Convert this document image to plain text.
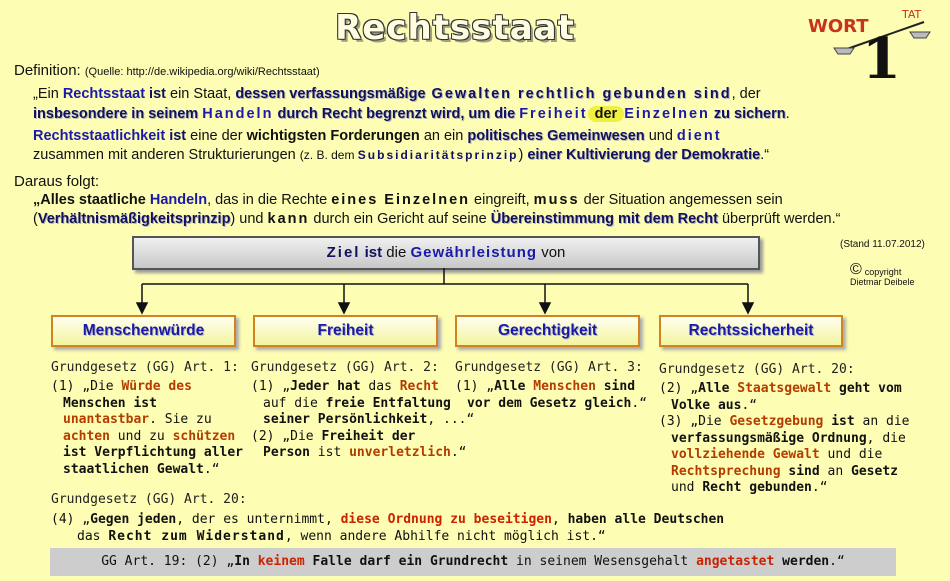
Rechtsstaat	TAT
WORT
1
Definition: (Quelle: http://de.wikipedia.org/wiki/Rechtsstaat)
„Ein Rechtsstaat ist ein Staat, dessen verfassungsmäßige Gewalten rechtlich gebunden sind, der
insbesondere in seinem Handeln durch Recht begrenzt wird, um die Freiheit der Einzelnen zu sichern.
Rechtsstaatlichkeit ist eine der wichtigsten Forderungen an ein politisches Gemeinwesen und dient
zusammen mit anderen Strukturierungen (z. B. dem Subsidiaritätsprinzip) einer Kultivierung der Demokratie.“
Daraus folgt:
„Alles staatliche Handeln, das in die Rechte eines Einzelnen eingreift, muss der Situation angemessen sein
(Verhältnismäßigkeitsprinzip) und kann durch ein Gericht auf seine Übereinstimmung mit dem Recht überprüft werden.“
(Stand 11.07.2012)
© copyright
Dietmar Deibele
Ziel ist die Gewährleistung von
Menschenwürde	Freiheit	Gerechtigkeit	Rechtssicherheit
Grundgesetz (GG) Art. 1:
(1) „Die Würde des
Menschen ist
unantastbar. Sie zu
achten und zu schützen
ist Verpflichtung aller
staatlichen Gewalt.“
Grundgesetz (GG) Art. 2:
(1) „Jeder hat das Recht
auf die freie Entfaltung
seiner Persönlichkeit, ...“
(2) „Die Freiheit der
Person ist unverletzlich.“
Grundgesetz (GG) Art. 3:
(1) „Alle Menschen sind
vor dem Gesetz gleich.“
Grundgesetz (GG) Art. 20:
(2) „Alle Staatsgewalt geht vom
Volke aus.“
(3) „Die Gesetzgebung ist an die
verfassungsmäßige Ordnung, die
vollziehende Gewalt und die
Rechtsprechung sind an Gesetz
und Recht gebunden.“
Grundgesetz (GG) Art. 20:
(4) „Gegen jeden, der es unternimmt, diese Ordnung zu beseitigen, haben alle Deutschen
das Recht zum Widerstand, wenn andere Abhilfe nicht möglich ist.“
GG Art. 19: (2) „In keinem Falle darf ein Grundrecht in seinem Wesensgehalt angetastet werden.“
